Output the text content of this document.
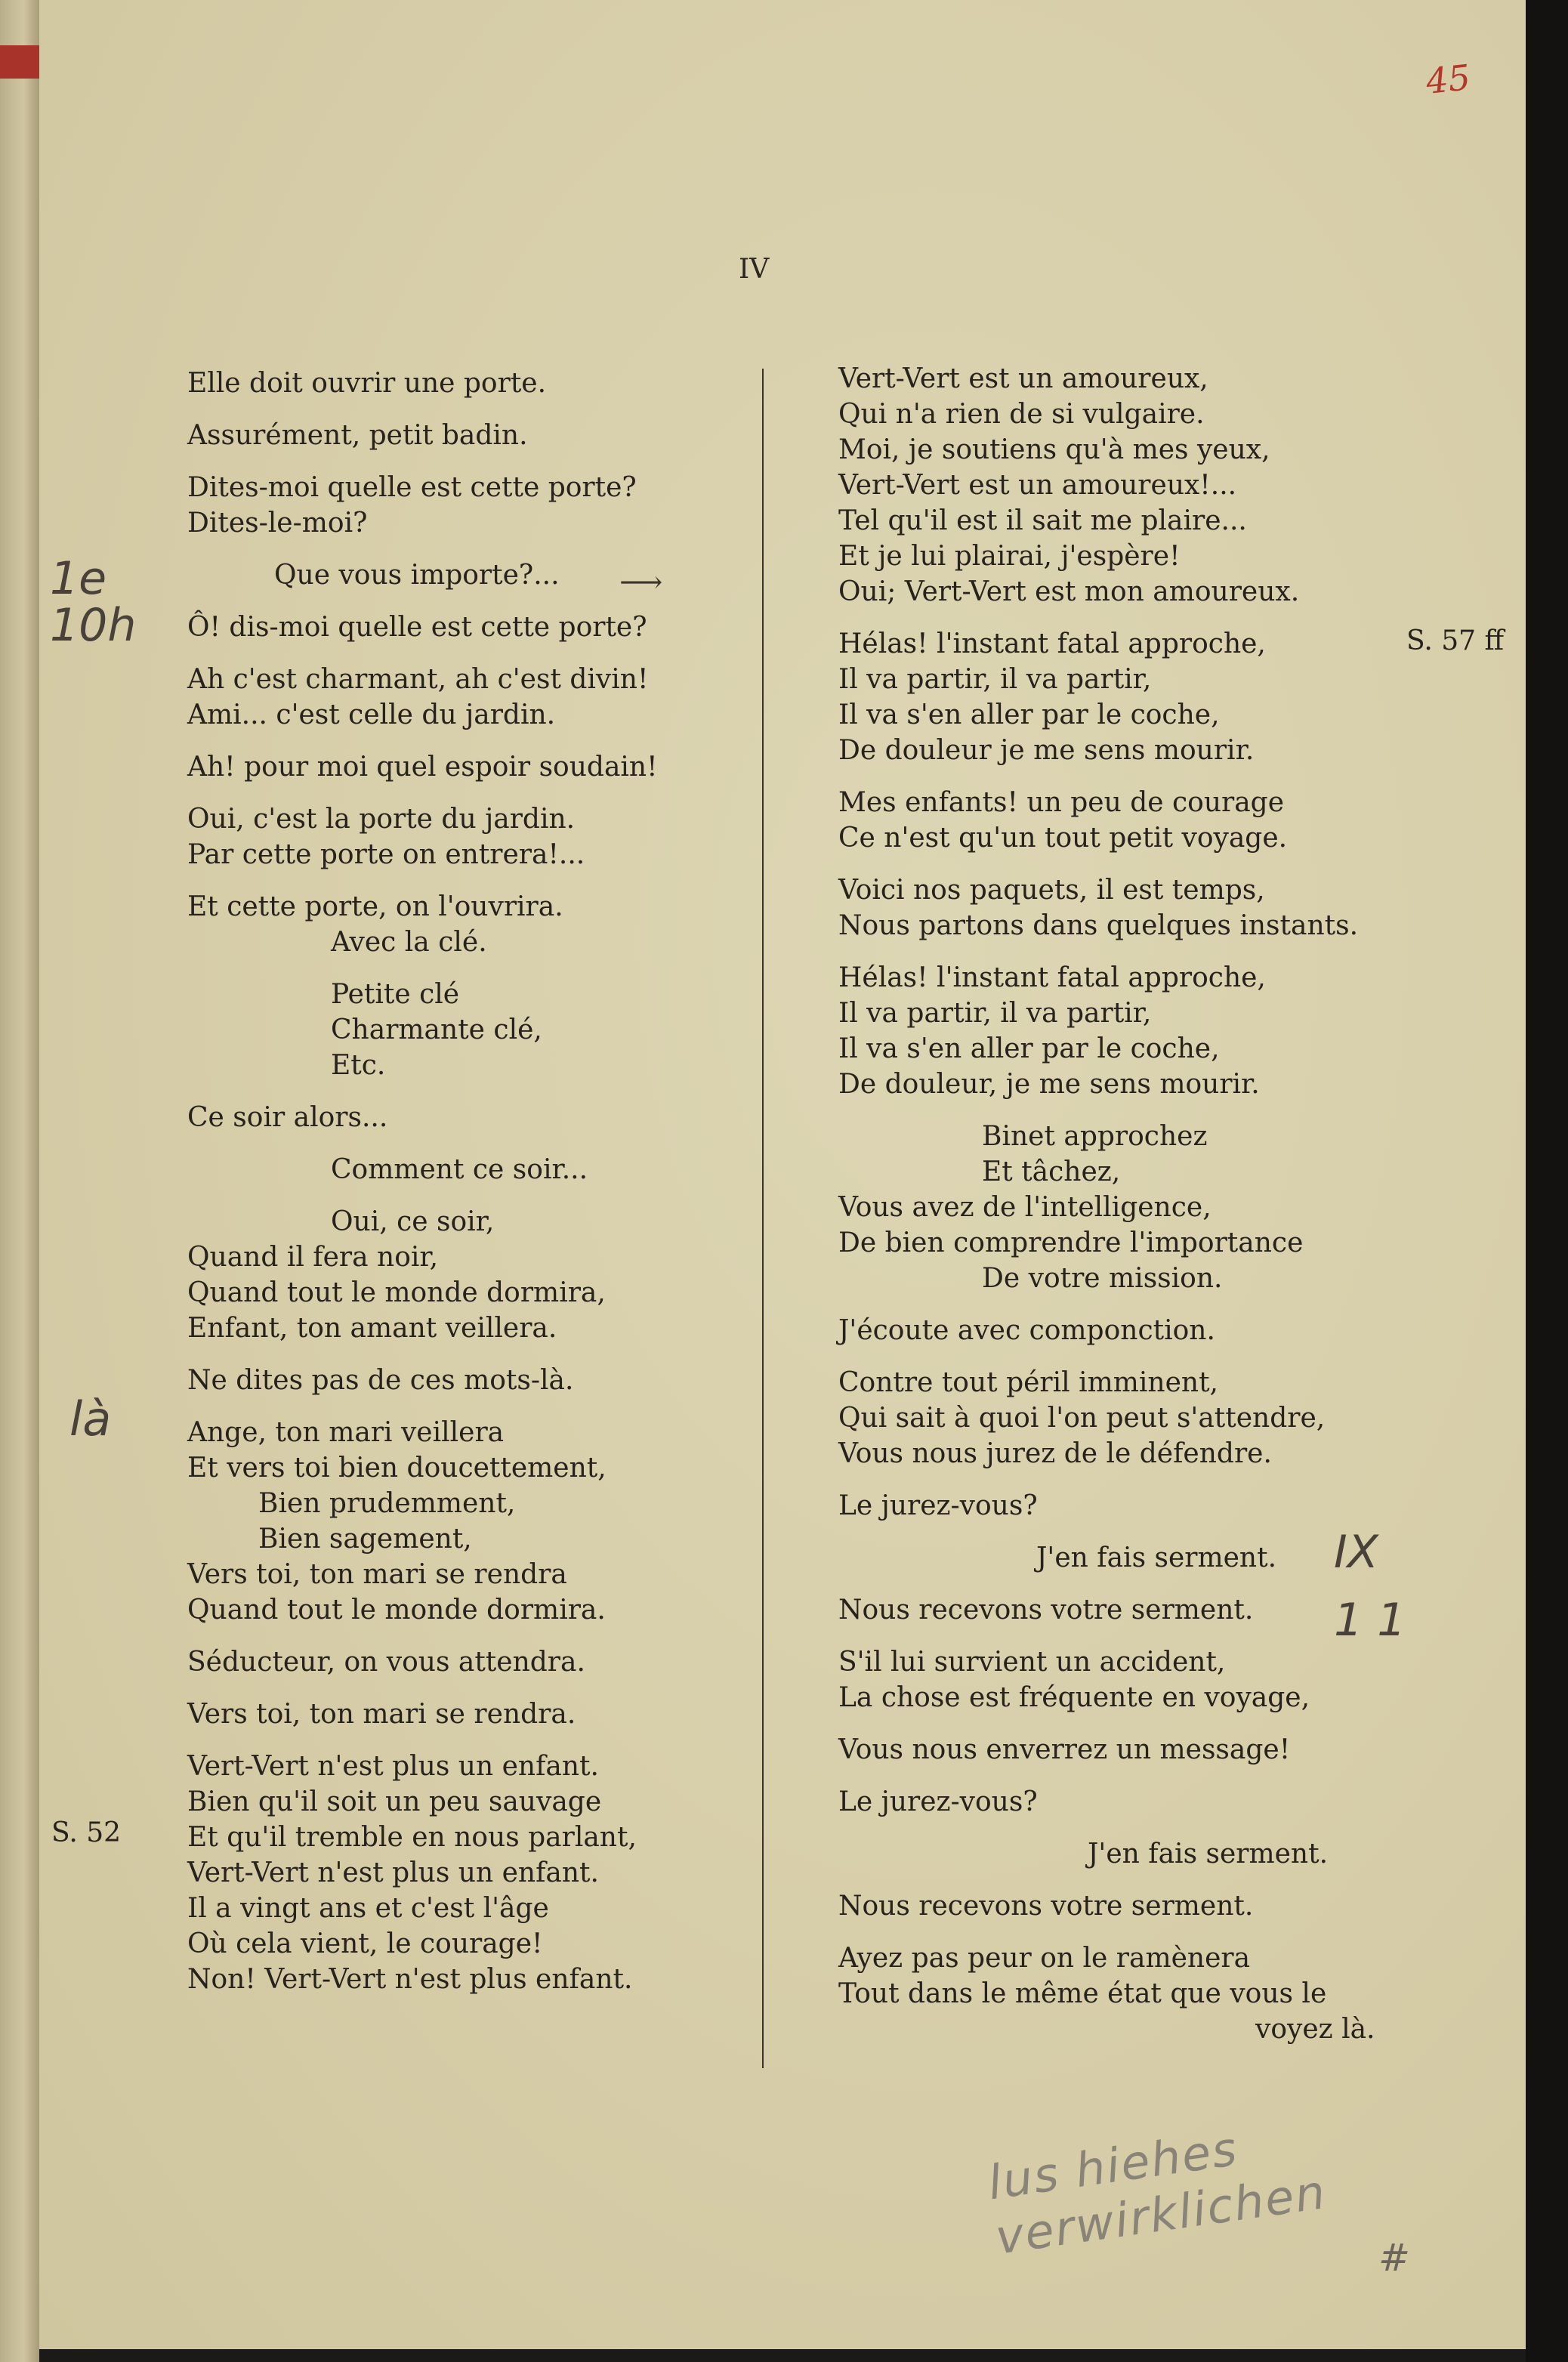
45
IV
S. 52
S. 57 ff
Elle doit ouvrir une porte.
Assurément, petit badin.
Dites-moi quelle est cette porte?
Dites-le-moi?
Que vous importe?...
Ô! dis-moi quelle est cette porte?
Ah c'est charmant, ah c'est divin!
Ami... c'est celle du jardin.
Ah! pour moi quel espoir soudain!
Oui, c'est la porte du jardin.
Par cette porte on entrera!...
Et cette porte, on l'ouvrira.
Avec la clé.
Petite clé
Charmante clé,
Etc.
Ce soir alors...
Comment ce soir...
Oui, ce soir,
Quand il fera noir,
Quand tout le monde dormira,
Enfant, ton amant veillera.
Ne dites pas de ces mots-là.
Ange, ton mari veillera
Et vers toi bien doucettement,
Bien prudemment,
Bien sagement,
Vers toi, ton mari se rendra
Quand tout le monde dormira.
Séducteur, on vous attendra.
Vers toi, ton mari se rendra.
Vert-Vert n'est plus un enfant.
Bien qu'il soit un peu sauvage
Et qu'il tremble en nous parlant,
Vert-Vert n'est plus un enfant.
Il a vingt ans et c'est l'âge
Où cela vient, le courage!
Non! Vert-Vert n'est plus enfant.
Vert-Vert est un amoureux,
Qui n'a rien de si vulgaire.
Moi, je soutiens qu'à mes yeux,
Vert-Vert est un amoureux!...
Tel qu'il est il sait me plaire...
Et je lui plairai, j'espère!
Oui; Vert-Vert est mon amoureux.
Hélas! l'instant fatal approche,
Il va partir, il va partir,
Il va s'en aller par le coche,
De douleur je me sens mourir.
Mes enfants! un peu de courage
Ce n'est qu'un tout petit voyage.
Voici nos paquets, il est temps,
Nous partons dans quelques instants.
Hélas! l'instant fatal approche,
Il va partir, il va partir,
Il va s'en aller par le coche,
De douleur, je me sens mourir.
Binet approchez
Et tâchez,
Vous avez de l'intelligence,
De bien comprendre l'importance
De votre mission.
J'écoute avec componction.
Contre tout péril imminent,
Qui sait à quoi l'on peut s'attendre,
Vous nous jurez de le défendre.
Le jurez-vous?
J'en fais serment.
Nous recevons votre serment.
S'il lui survient un accident,
La chose est fréquente en voyage,
Vous nous enverrez un message!
Le jurez-vous?
J'en fais serment.
Nous recevons votre serment.
Ayez pas peur on le ramènera
Tout dans le même état que vous le
voyez là.
1e
10h
⟶
là
IX
1 1
lus hiehes verwirklichen	#
